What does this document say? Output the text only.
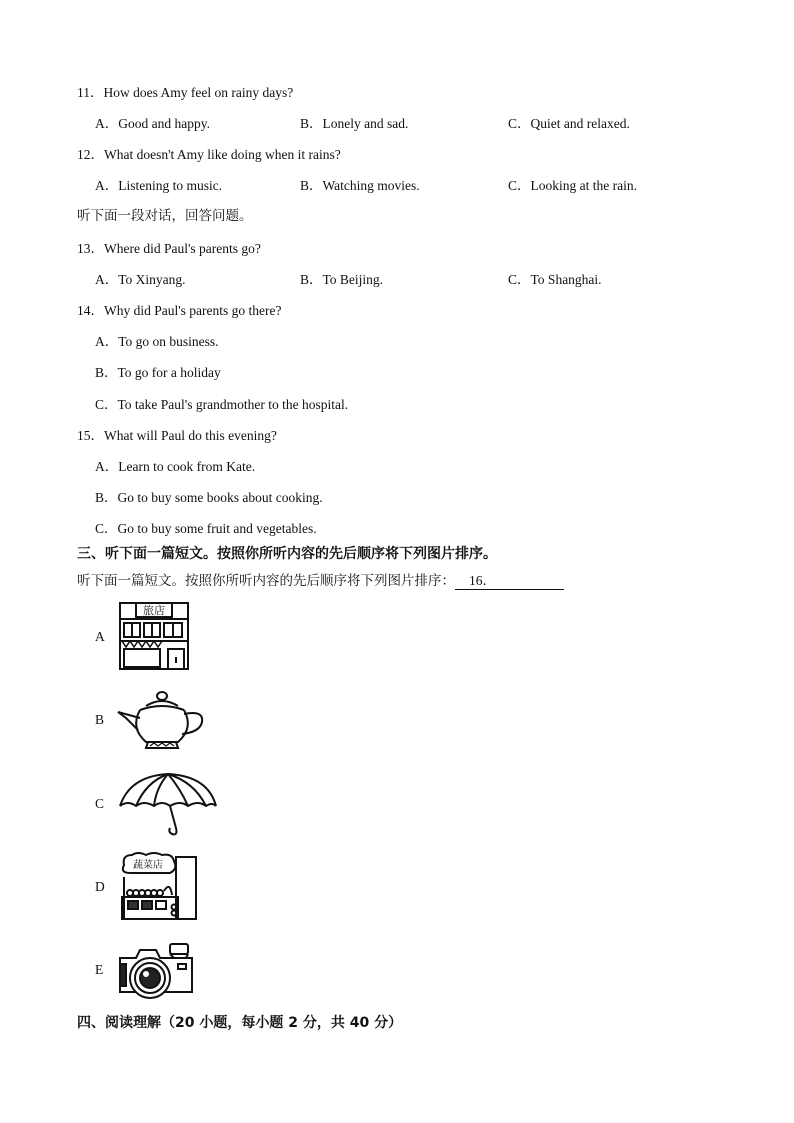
11．How does Amy feel on rainy days?
A．Good and happy.	B．Lonely and sad.	C．Quiet and relaxed.
12．What doesn't Amy like doing when it rains?
A．Listening to music.	B．Watching movies.	C．Looking at the rain.
听下面一段对话，回答问题。
13．Where did Paul's parents go?
A．To Xinyang.	B．To Beijing.	C．To Shanghai.
14．Why did Paul's parents go there?
A．To go on business.
B．To go for a holiday
C．To take Paul's grandmother to the hospital.
15．What will Paul do this evening?
A．Learn to cook from Kate.
B．Go to buy some books about cooking.
C．Go to buy some fruit and vegetables.
三、听下面一篇短文。按照你所听内容的先后顺序将下列图片排序。
听下面一篇短文。按照你所听内容的先后顺序将下列图片排序： 16．
A
旅店
B
C
D
蔬菜店
E
四、阅读理解（20 小题，每小题 2 分，共 40 分）
